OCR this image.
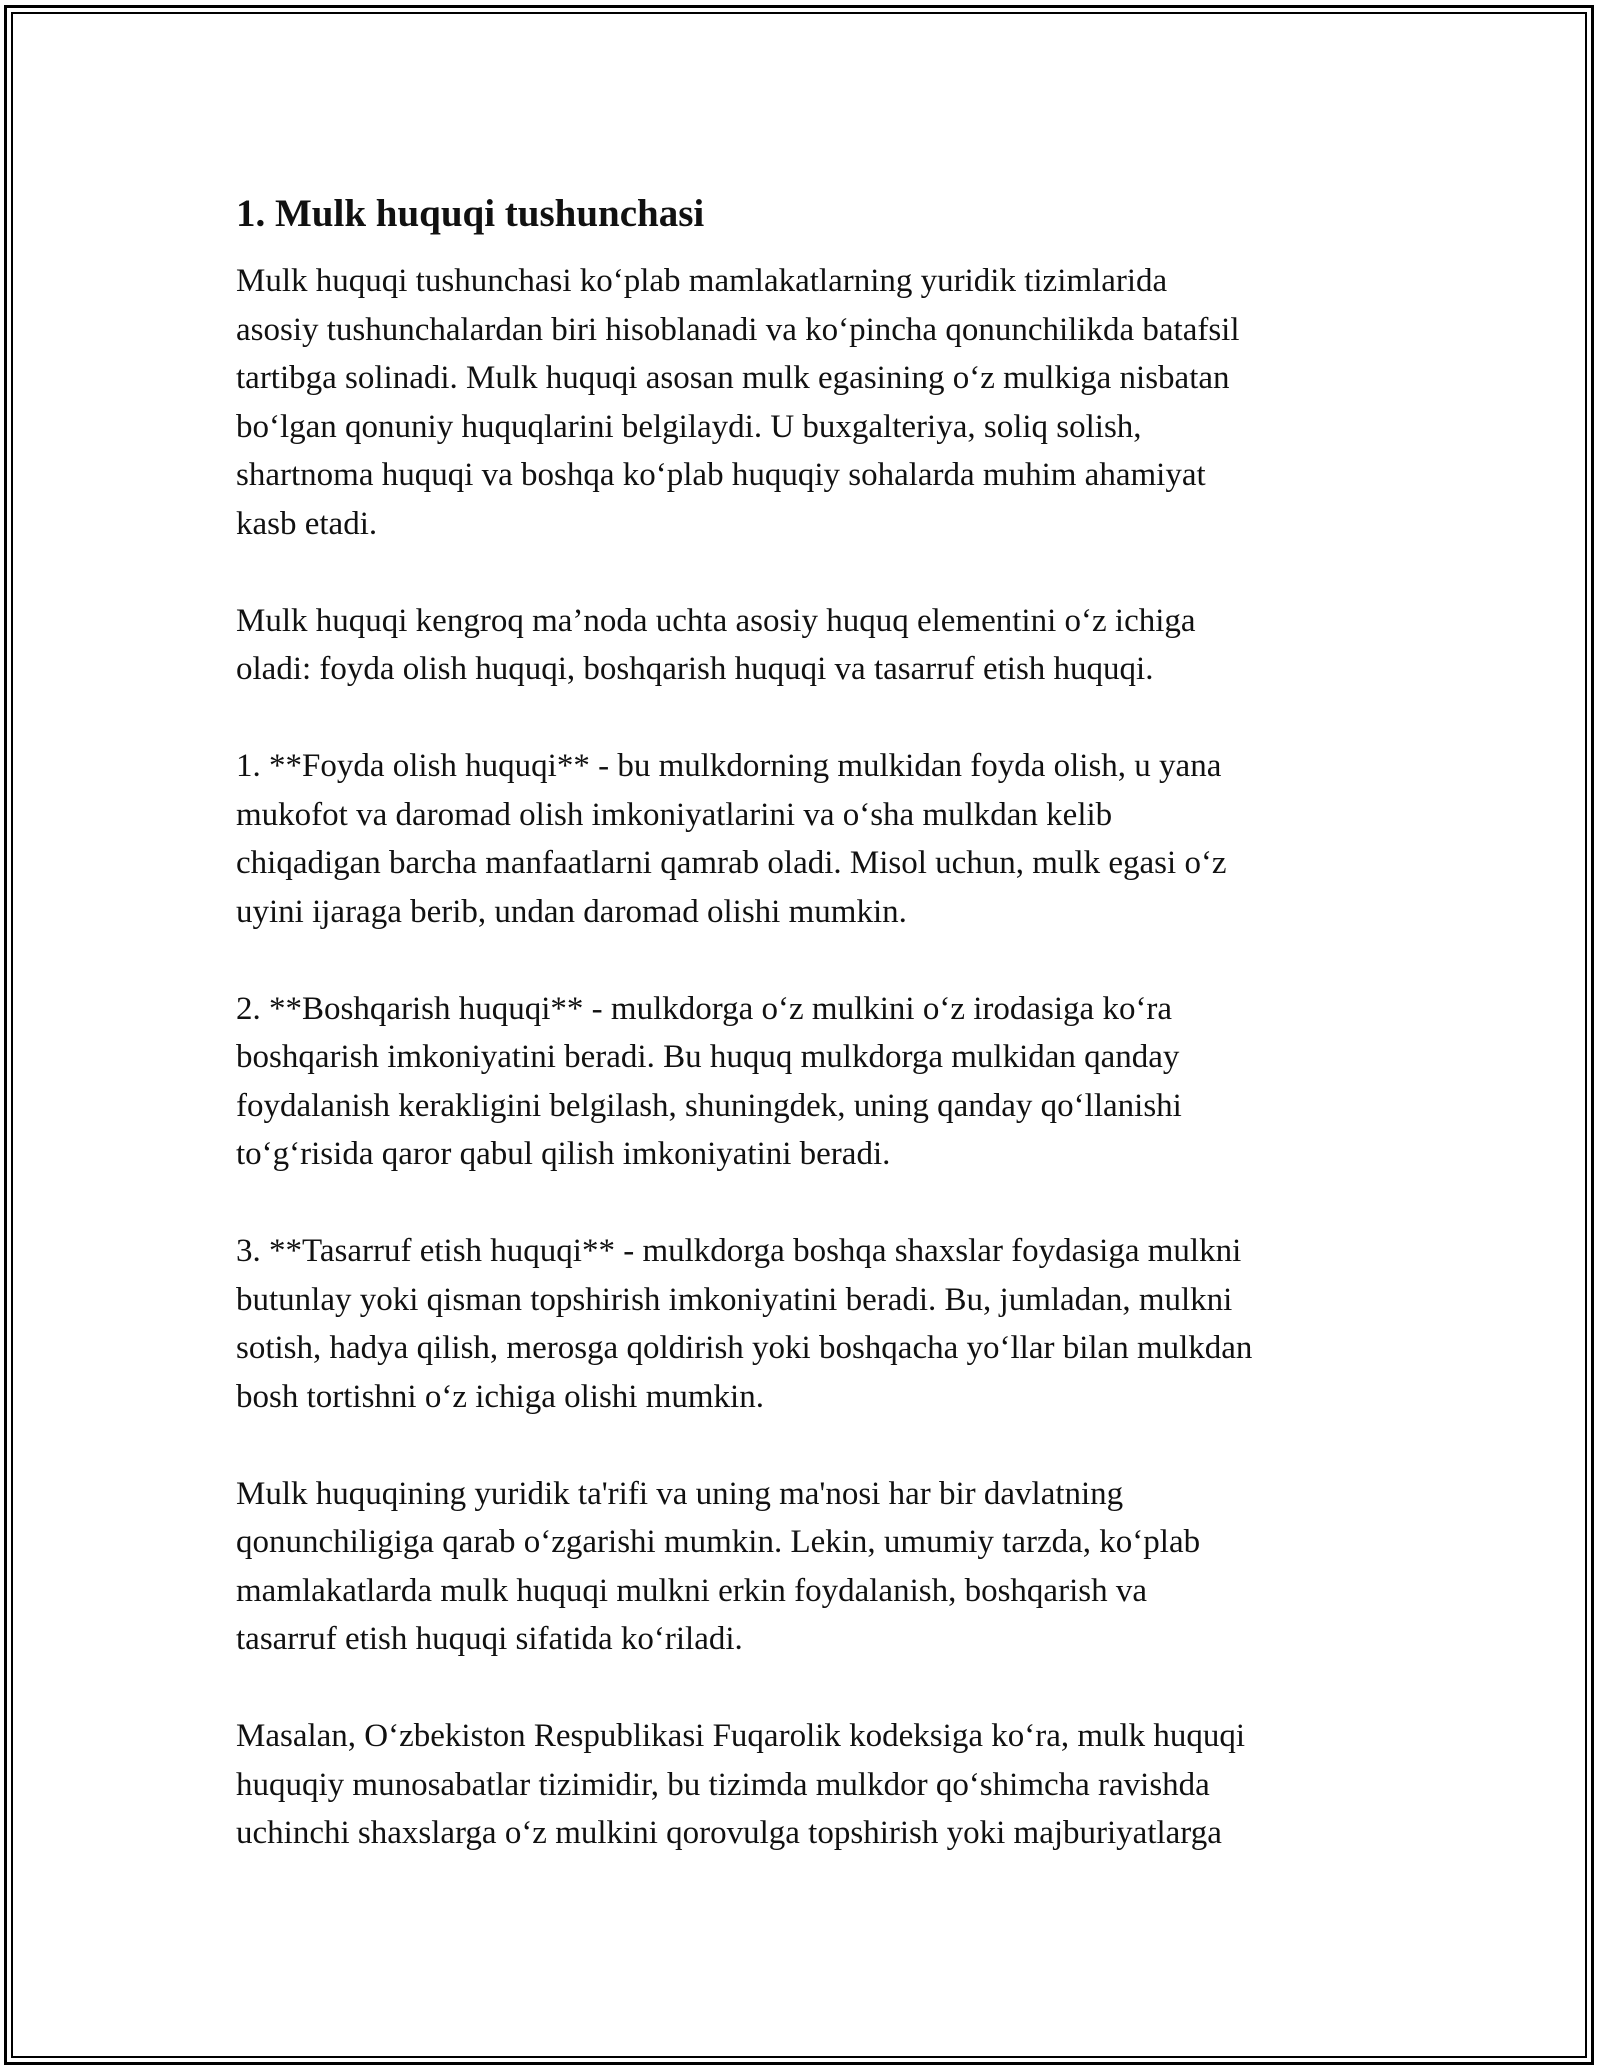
1. Mulk huquqi tushunchasi
Mulk huquqi tushunchasi ko‘plab mamlakatlarning yuridik tizimlarida
asosiy tushunchalardan biri hisoblanadi va ko‘pincha qonunchilikda batafsil
tartibga solinadi. Mulk huquqi asosan mulk egasining o‘z mulkiga nisbatan
bo‘lgan qonuniy huquqlarini belgilaydi. U buxgalteriya, soliq solish,
shartnoma huquqi va boshqa ko‘plab huquqiy sohalarda muhim ahamiyat
kasb etadi.
Mulk huquqi kengroq ma’noda uchta asosiy huquq elementini o‘z ichiga
oladi: foyda olish huquqi, boshqarish huquqi va tasarruf etish huquqi.
1. **Foyda olish huquqi** - bu mulkdorning mulkidan foyda olish, u yana
mukofot va daromad olish imkoniyatlarini va o‘sha mulkdan kelib
chiqadigan barcha manfaatlarni qamrab oladi. Misol uchun, mulk egasi o‘z
uyini ijaraga berib, undan daromad olishi mumkin.
2. **Boshqarish huquqi** - mulkdorga o‘z mulkini o‘z irodasiga ko‘ra
boshqarish imkoniyatini beradi. Bu huquq mulkdorga mulkidan qanday
foydalanish kerakligini belgilash, shuningdek, uning qanday qo‘llanishi
to‘g‘risida qaror qabul qilish imkoniyatini beradi.
3. **Tasarruf etish huquqi** - mulkdorga boshqa shaxslar foydasiga mulkni
butunlay yoki qisman topshirish imkoniyatini beradi. Bu, jumladan, mulkni
sotish, hadya qilish, merosga qoldirish yoki boshqacha yo‘llar bilan mulkdan
bosh tortishni o‘z ichiga olishi mumkin.
Mulk huquqining yuridik ta'rifi va uning ma'nosi har bir davlatning
qonunchiligiga qarab o‘zgarishi mumkin. Lekin, umumiy tarzda, ko‘plab
mamlakatlarda mulk huquqi mulkni erkin foydalanish, boshqarish va
tasarruf etish huquqi sifatida ko‘riladi.
Masalan, O‘zbekiston Respublikasi Fuqarolik kodeksiga ko‘ra, mulk huquqi
huquqiy munosabatlar tizimidir, bu tizimda mulkdor qo‘shimcha ravishda
uchinchi shaxslarga o‘z mulkini qorovulga topshirish yoki majburiyatlarga
